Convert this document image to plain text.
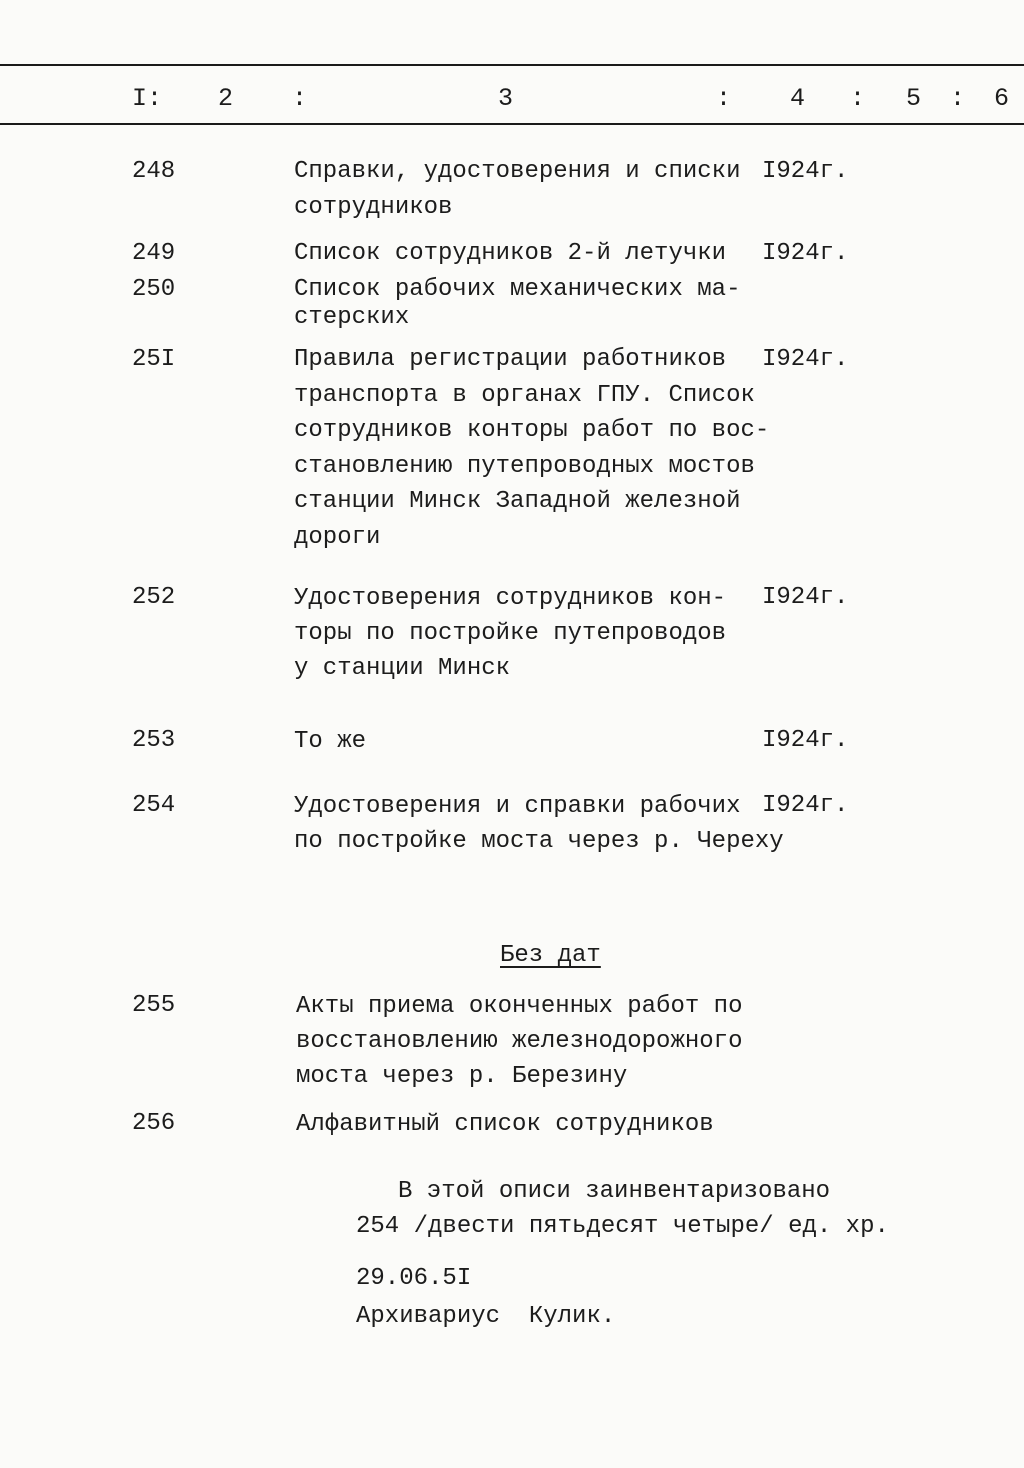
I: 2 :	3	: 4 : 5 : 6
248	Справки, удостоверения и списки
сотрудников
I924г.
249	Список сотрудников 2-й летучки I924г.
250	Список рабочих механических ма-
стерских
25I	Правила регистрации работников
транспорта в органах ГПУ. Список
сотрудников конторы работ по вос-
становлению путепроводных мостов
станции Минск Западной железной
дороги
I924г.
252	Удостоверения сотрудников кон-
торы по постройке путепроводов
у станции Минск
I924г.
253	То же	I924г.
254	Удостоверения и справки рабочих
по постройке моста через р. Череху
I924г.
255	Акты приема оконченных работ по
восстановлению железнодорожного
моста через р. Березину
256	Алфавитный список сотрудников
Без дат
В этой описи заинвентаризовано
254 /двести пятьдесят четыре/ ед. хр.
29.06.5I
Архивариус  Кулик.
